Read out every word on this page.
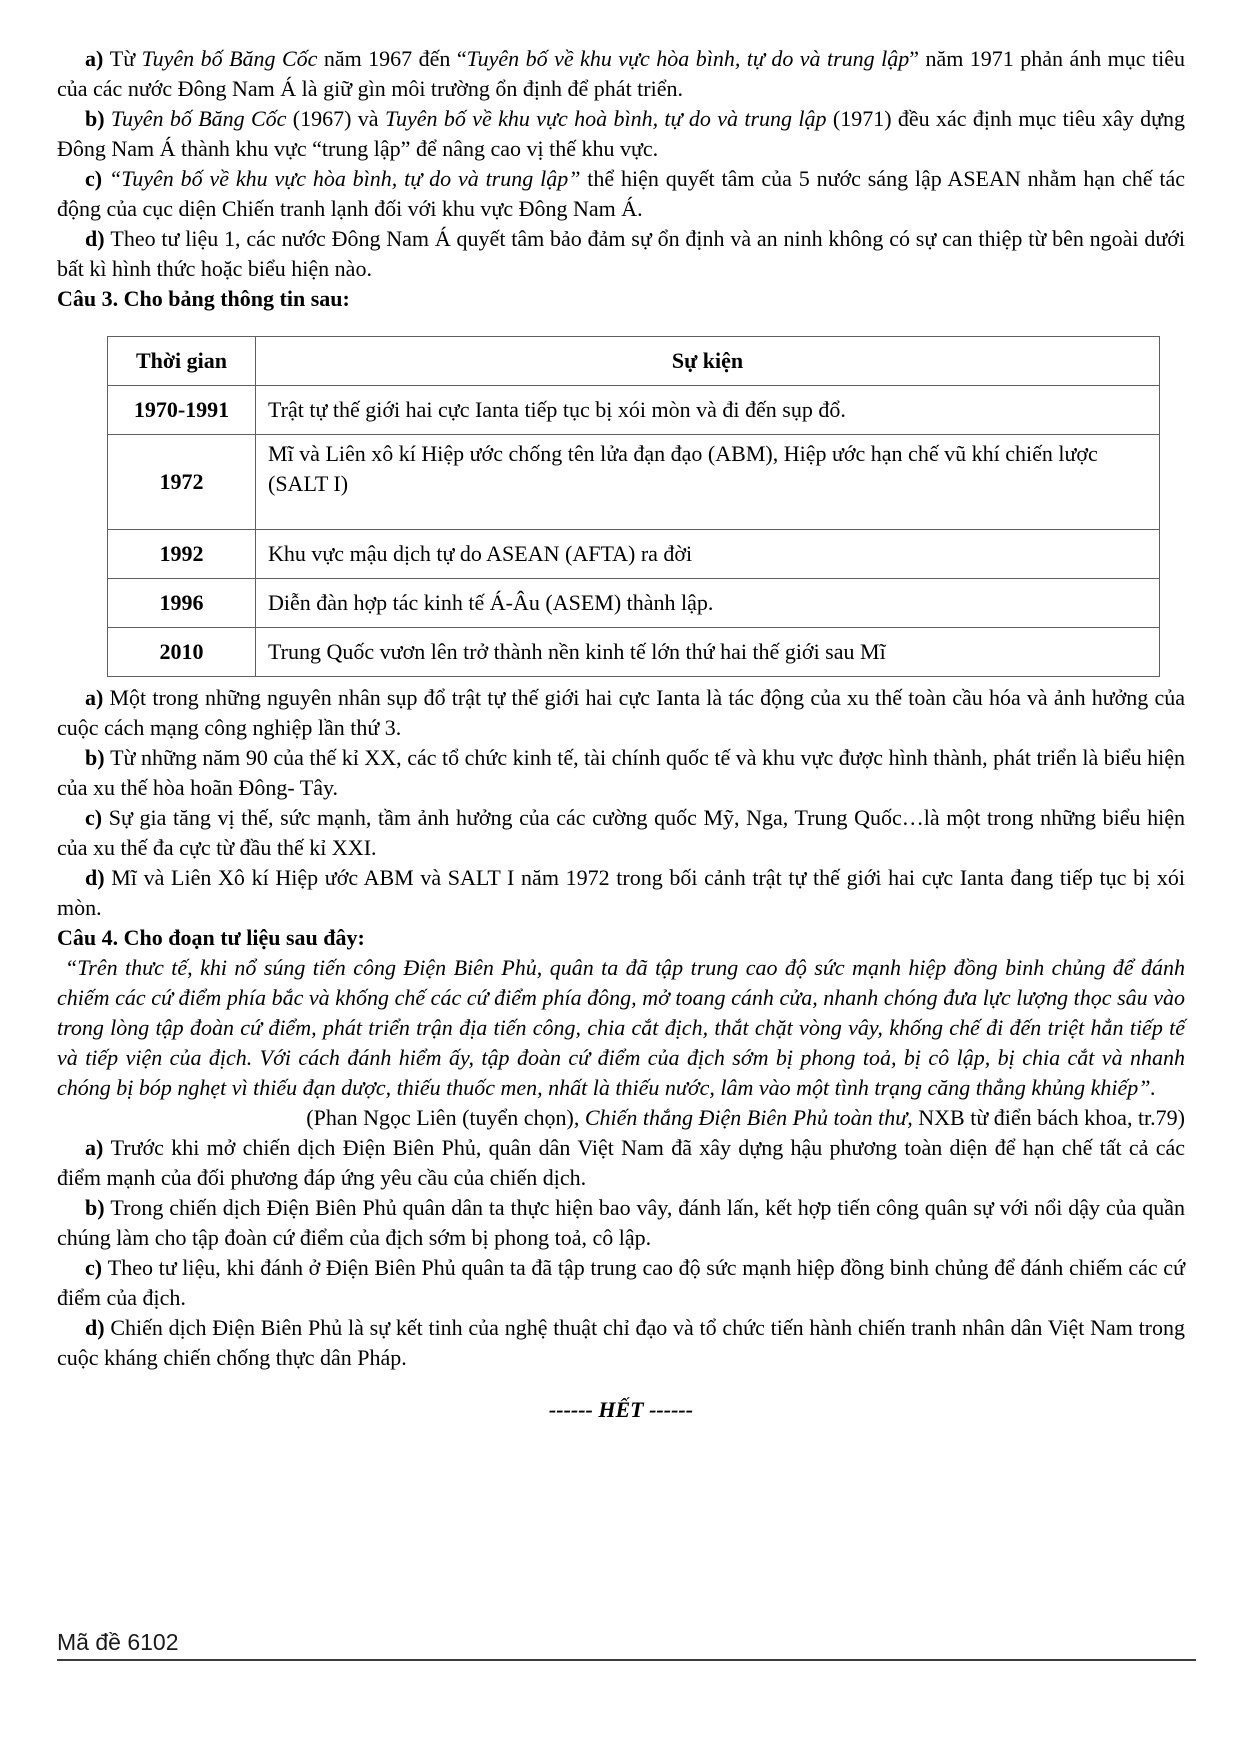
a) Từ Tuyên bố Băng Cốc năm 1967 đến “Tuyên bố về khu vực hòa bình, tự do và trung lập” năm 1971 phản ánh mục tiêu của các nước Đông Nam Á là giữ gìn môi trường ổn định để phát triển.

b) Tuyên bố Băng Cốc (1967) và Tuyên bố về khu vực hoà bình, tự do và trung lập (1971) đều xác định mục tiêu xây dựng Đông Nam Á thành khu vực “trung lập” để nâng cao vị thế khu vực.

c) “Tuyên bố về khu vực hòa bình, tự do và trung lập” thể hiện quyết tâm của 5 nước sáng lập ASEAN nhằm hạn chế tác động của cục diện Chiến tranh lạnh đối với khu vực Đông Nam Á.

d) Theo tư liệu 1, các nước Đông Nam Á quyết tâm bảo đảm sự ổn định và an ninh không có sự can thiệp từ bên ngoài dưới bất kì hình thức hoặc biểu hiện nào.

Câu 3. Cho bảng thông tin sau:

Thời gian	Sự kiện
1970-1991	Trật tự thế giới hai cực Ianta tiếp tục bị xói mòn và đi đến sụp đổ.
1972	Mĩ và Liên xô kí Hiệp ước chống tên lửa đạn đạo (ABM), Hiệp ước hạn chế vũ khí chiến lược (SALT I)
1992	Khu vực mậu dịch tự do ASEAN (AFTA) ra đời
1996	Diễn đàn hợp tác kinh tế Á-Âu (ASEM) thành lập.
2010	Trung Quốc vươn lên trở thành nền kinh tế lớn thứ hai thế giới sau Mĩ

a) Một trong những nguyên nhân sụp đổ trật tự thế giới hai cực Ianta là tác động của xu thế toàn cầu hóa và ảnh hưởng của cuộc cách mạng công nghiệp lần thứ 3.

b) Từ những năm 90 của thế kỉ XX, các tổ chức kinh tế, tài chính quốc tế và khu vực được hình thành, phát triển là biểu hiện của xu thế hòa hoãn Đông- Tây.

c) Sự gia tăng vị thế, sức mạnh, tầm ảnh hưởng của các cường quốc Mỹ, Nga, Trung Quốc…là một trong những biểu hiện của xu thế đa cực từ đầu thế kỉ XXI.

d) Mĩ và Liên Xô kí Hiệp ước ABM và SALT I năm 1972 trong bối cảnh trật tự thế giới hai cực Ianta đang tiếp tục bị xói mòn.

Câu 4. Cho đoạn tư liệu sau đây:

“Trên thưc tế, khi nổ súng tiến công Điện Biên Phủ, quân ta đã tập trung cao độ sức mạnh hiệp đồng binh chủng để đánh chiếm các cứ điểm phía bắc và khống chế các cứ điểm phía đông, mở toang cánh cửa, nhanh chóng đưa lực lượng thọc sâu vào trong lòng tập đoàn cứ điểm, phát triển trận địa tiến công, chia cắt địch, thắt chặt vòng vây, khống chế đi đến triệt hẳn tiếp tế và tiếp viện của địch. Với cách đánh hiểm ấy, tập đoàn cứ điểm của địch sớm bị phong toả, bị cô lập, bị chia cắt và nhanh chóng bị bóp nghẹt vì thiếu đạn dược, thiếu thuốc men, nhất là thiếu nước, lâm vào một tình trạng căng thẳng khủng khiếp”.

(Phan Ngọc Liên (tuyển chọn), Chiến thắng Điện Biên Phủ toàn thư, NXB từ điển bách khoa, tr.79)

a) Trước khi mở chiến dịch Điện Biên Phủ, quân dân Việt Nam đã xây dựng hậu phương toàn diện để hạn chế tất cả các điểm mạnh của đối phương đáp ứng yêu cầu của chiến dịch.

b) Trong chiến dịch Điện Biên Phủ quân dân ta thực hiện bao vây, đánh lấn, kết hợp tiến công quân sự với nổi dậy của quần chúng làm cho tập đoàn cứ điểm của địch sớm bị phong toả, cô lập.

c) Theo tư liệu, khi đánh ở Điện Biên Phủ quân ta đã tập trung cao độ sức mạnh hiệp đồng binh chủng để đánh chiếm các cứ điểm của địch.

d) Chiến dịch Điện Biên Phủ là sự kết tinh của nghệ thuật chỉ đạo và tổ chức tiến hành chiến tranh nhân dân Việt Nam trong cuộc kháng chiến chống thực dân Pháp.

------ HẾT ------

Mã đề 6102
